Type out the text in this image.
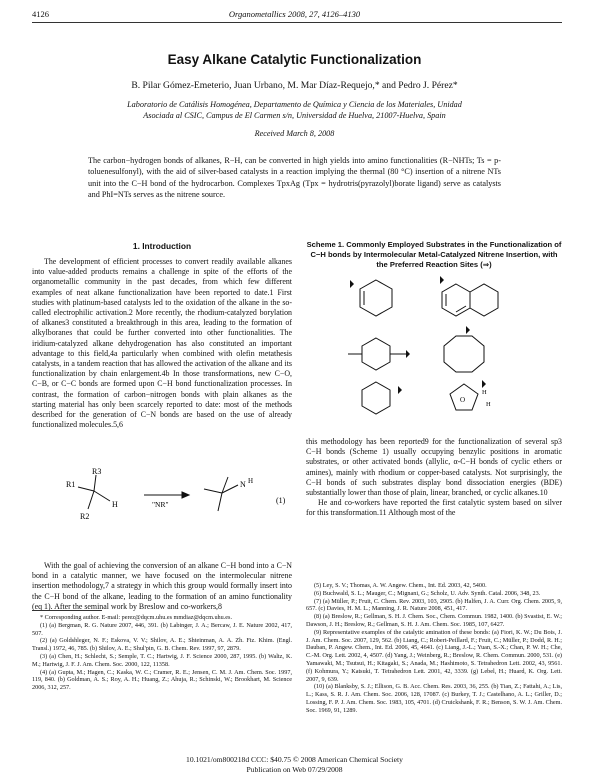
4126	Organometallics 2008, 27, 4126–4130
Easy Alkane Catalytic Functionalization
B. Pilar Gómez-Emeterio, Juan Urbano, M. Mar Díaz-Requejo,* and Pedro J. Pérez*
Laboratorio de Catálisis Homogénea, Departamento de Química y Ciencia de los Materiales, Unidad
Asociada al CSIC, Campus de El Carmen s/n, Universidad de Huelva, 21007-Huelva, Spain
Received March 8, 2008
The carbon−hydrogen bonds of alkanes, R−H, can be converted in high yields into amino functionalities (R−NHTs; Ts = p-toluenesulfonyl), with the aid of silver-based catalysts in a reaction implying the thermal (80 °C) insertion of a nitrene NTs unit into the C−H bond of the hydrocarbon. Complexes TpxAg (Tpx = hydrotris(pyrazolyl)borate ligand) serve as catalysts and PhI=NTs serves as the nitrene source.
1. Introduction

The development of efficient processes to convert readily available alkanes into value-added products remains a challenge in spite of the efforts of the organometallic community in the past decades, from which few different examples of neat alkane functionalization have been reported to date.1 First studies with platinum-based catalysts led to the oxidation of the alkane in the so-called electrophilic activation.2 More recently, the rhodium-catalyzed borylation of alkanes3 constituted a breakthrough in this area, leading to the formation of alkylboranes that could be further converted into other functionalities. The iridium-catalyzed alkane dehydrogenation has also constituted an important advantage to this field,4a particularly when combined with olefin metathesis catalysts, in a tandem reaction that has allowed the activation of the alkane and its functionalization by chain enlargement.4b In those transformations, new C−O, C−B, or C−C bonds are formed upon C−H bond functionalization processes. In contrast, the formation of carbon−nitrogen bonds with plain alkanes as the starting material has only been scarcely reported to date: most of the methods described for the generation of C−N bonds are based on the use of already functionalized molecules.5,6

H
R1
R2
R3
"NR"
N H
(1)

With the goal of achieving the conversion of an alkane C−H bond into a C−N bond in a catalytic manner, we have focused on the intermolecular nitrene insertion methodology,7 a strategy in which this group would formally insert into the C−H bond of the alkane, leading to the formation of an amino functionality (eq 1). After the seminal work by Breslow and co-workers,8

* Corresponding author. E-mail: perez@dqcm.uhu.es mmdiaz@dqcm.uhu.es.

(1) (a) Bergman, R. G. Nature 2007, 446, 391. (b) Labinger, J. A.; Bercaw, J. E. Nature 2002, 417, 507.

(2) (a) Goldshleger, N. F.; Eskova, V. V.; Shilov, A. E.; Shteinman, A. A. Zh. Fiz. Khim. (Engl. Transl.) 1972, 46, 785. (b) Shilov, A. E.; Shul'pin, G. B. Chem. Rev. 1997, 97, 2879.

(3) (a) Chen, H.; Schlecht, S.; Semple, T. C.; Hartwig, J. F. Science 2000, 287, 1995. (b) Waltz, K. M.; Hartwig, J. F. J. Am. Chem. Soc. 2000, 122, 11358.

(4) (a) Gupta, M.; Hagen, C.; Kaska, W. C.; Cramer, R. E.; Jensen, C. M. J. Am. Chem. Soc. 1997, 119, 840. (b) Goldman, A. S.; Roy, A. H.; Huang, Z.; Ahuja, R.; Schinski, W.; Brookhart, M. Science 2006, 312, 257.

Scheme 1. Commonly Employed Substrates in the Functionalization of C−H bonds by Intermolecular Metal-Catalyzed Nitrene Insertion, with the Preferred Reaction Sites (⇒)
O
H
H

this methodology has been reported9 for the functionalization of several sp3 C−H bonds (Scheme 1) usually occupying benzylic positions in aromatic substrates, or other activated bonds (allylic, α-C−H bonds of cyclic ethers or amines), mainly with rhodium or copper-based catalysts. Not surprisingly, the C−H bonds of such substrates display bond dissociation energies (BDE) substantially lower than those of plain, linear, branched, or cyclic alkanes.10

He and co-workers have reported the first catalytic system based on silver for this transformation.11 Although most of the

(5) Ley, S. V.; Thomas, A. W. Angew. Chem., Int. Ed. 2003, 42, 5400.

(6) Buchwald, S. L.; Mauger, C.; Mignani, G.; Scholz, U. Adv. Synth. Catal. 2006, 348, 23.

(7) (a) Müller, P.; Fruit, C. Chem. Rev. 2003, 103, 2905. (b) Halfen, J. A. Curr. Org. Chem. 2005, 9, 657. (c) Davies, H. M. L.; Manning, J. R. Nature 2008, 451, 417.

(8) (a) Breslow, R.; Gellman, S. H. J. Chem. Soc., Chem. Commun. 1982, 1400. (b) Svastist, E. W.; Dawson, J. H.; Breslow, R.; Gellman, S. H. J. Am. Chem. Soc. 1985, 107, 6427.

(9) Representative examples of the catalytic amination of these bonds: (a) Fiori, K. W.; Du Bois, J. J. Am. Chem. Soc. 2007, 129, 562. (b) Liang, C.; Robert-Peillard, F.; Fruit, C.; Müller, P.; Dodd, R. H.; Dauban, P. Angew. Chem., Int. Ed. 2006, 45, 4641. (c) Liang, J.-L.; Yuan, S.-X.; Chan, P. W. H.; Che, C.-M. Org. Lett. 2002, 4, 4507. (d) Yang, J.; Weinberg, R.; Breslow, R. Chem. Commun. 2000, 531. (e) Yamawaki, M.; Tsutsui, H.; Kitagaki, S.; Anada, M.; Hashimoto, S. Tetrahedron Lett. 2002, 43, 9561. (f) Kohmura, Y.; Katsuki, T. Tetrahedron Lett. 2001, 42, 3339. (g) Lebel, H.; Huard, K. Org. Lett. 2007, 9, 639.

(10) (a) Blanksby, S. J.; Ellison, G. B. Acc. Chem. Res. 2003, 36, 255. (b) Tian, Z.; Fattahi, A.; Lis, L.; Kass, S. R. J. Am. Chem. Soc. 2006, 128, 17087. (c) Burkey, T. J.; Castelhano, A. L.; Griller, D.; Lossing, F. P. J. Am. Chem. Soc. 1983, 105, 4701. (d) Cruickshank, F. R.; Benson, S. W. J. Am. Chem. Soc. 1969, 91, 1289.

10.1021/om800218d CCC: $40.75 © 2008 American Chemical Society
Publication on Web 07/29/2008
